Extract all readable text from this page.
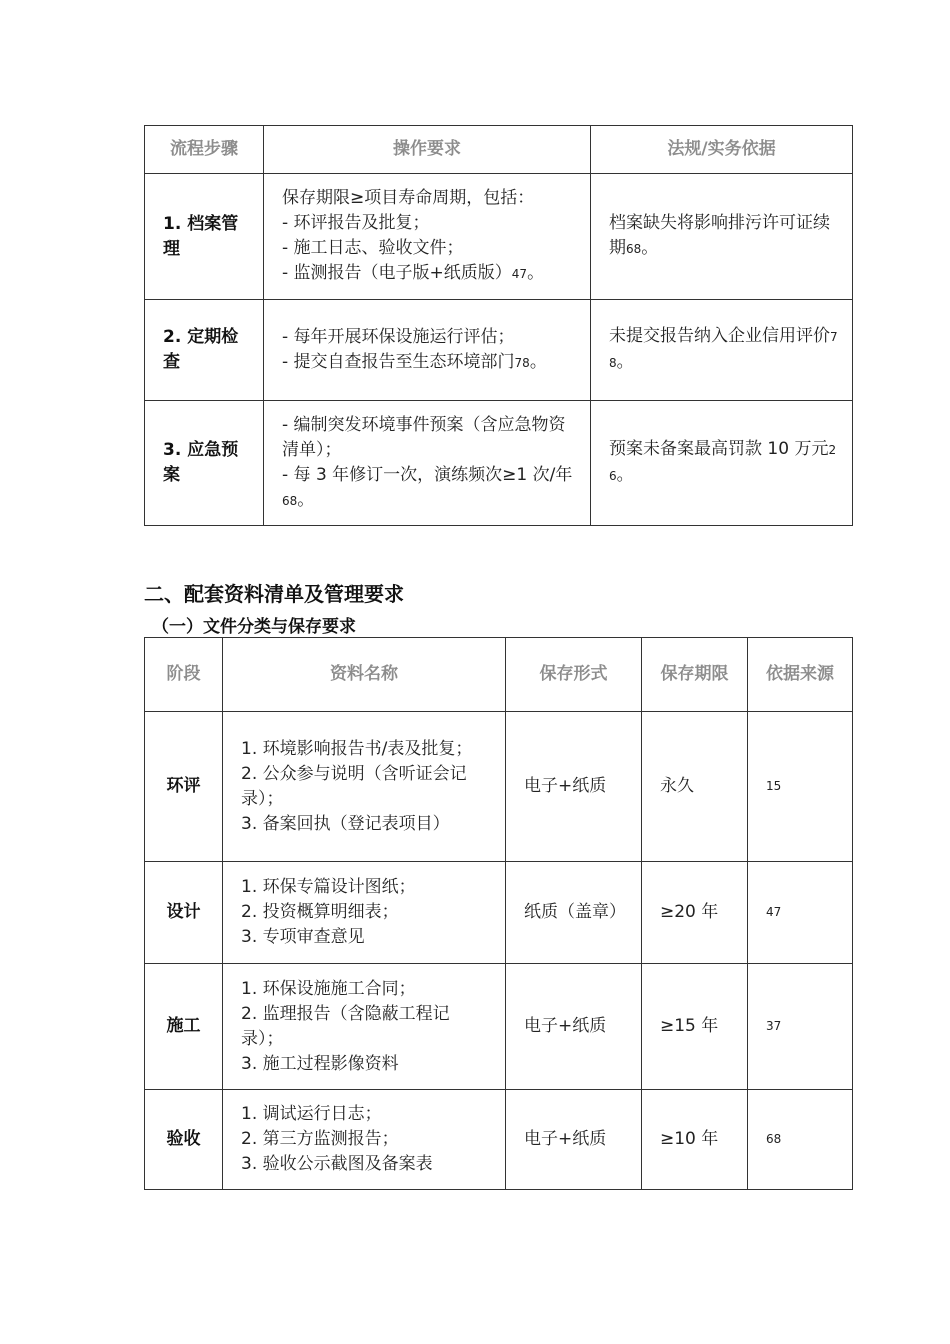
流程步骤	操作要求	法规/实务依据
1. 档案管理	保存期限≥项目寿命周期，包括：
- 环评报告及批复；
- 施工日志、验收文件；
- 监测报告（电子版+纸质版）47。	档案缺失将影响排污许可证续期68。
2. 定期检查	- 每年开展环保设施运行评估；
- 提交自查报告至生态环境部门78。	未提交报告纳入企业信用评价78。
3. 应急预案	- 编制突发环境事件预案（含应急物资清单）；
- 每 3 年修订一次，演练频次≥1 次/年68。	预案未备案最高罚款 10 万元26。
二、配套资料清单及管理要求
（一）文件分类与保存要求
阶段	资料名称	保存形式	保存期限	依据来源
环评	1. 环境影响报告书/表及批复；
2. 公众参与说明（含听证会记录）；
3. 备案回执（登记表项目）	电子+纸质	永久	15
设计	1. 环保专篇设计图纸；
2. 投资概算明细表；
3. 专项审查意见	纸质（盖章）	≥20 年	47
施工	1. 环保设施施工合同；
2. 监理报告（含隐蔽工程记录）；
3. 施工过程影像资料	电子+纸质	≥15 年	37
验收	1. 调试运行日志；
2. 第三方监测报告；
3. 验收公示截图及备案表	电子+纸质	≥10 年	68
